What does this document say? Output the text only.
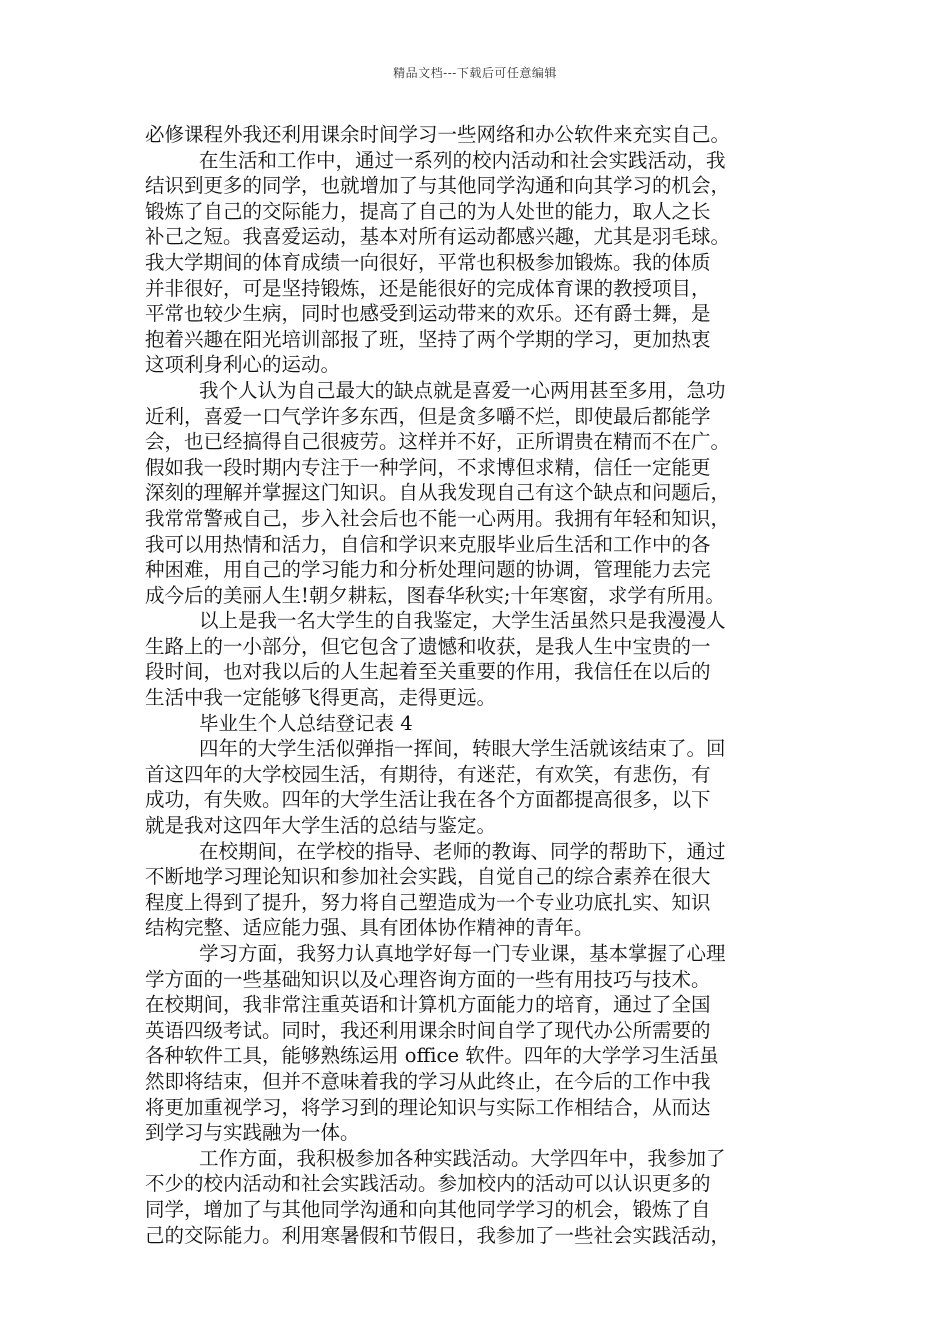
精品文档---下载后可任意编辑
必修课程外我还利用课余时间学习一些网络和办公软件来充实自己。
在生活和工作中，通过一系列的校内活动和社会实践活动，我
结识到更多的同学，也就增加了与其他同学沟通和向其学习的机会，
锻炼了自己的交际能力，提高了自己的为人处世的能力，取人之长
补己之短。我喜爱运动，基本对所有运动都感兴趣，尤其是羽毛球。
我大学期间的体育成绩一向很好，平常也积极参加锻炼。我的体质
并非很好，可是坚持锻炼，还是能很好的完成体育课的教授项目，
平常也较少生病，同时也感受到运动带来的欢乐。还有爵士舞，是
抱着兴趣在阳光培训部报了班，坚持了两个学期的学习，更加热衷
这项利身利心的运动。
我个人认为自己最大的缺点就是喜爱一心两用甚至多用，急功
近利，喜爱一口气学许多东西，但是贪多嚼不烂，即使最后都能学
会，也已经搞得自己很疲劳。这样并不好，正所谓贵在精而不在广。
假如我一段时期内专注于一种学问，不求博但求精，信任一定能更
深刻的理解并掌握这门知识。自从我发现自己有这个缺点和问题后，
我常常警戒自己，步入社会后也不能一心两用。我拥有年轻和知识，
我可以用热情和活力，自信和学识来克服毕业后生活和工作中的各
种困难，用自己的学习能力和分析处理问题的协调，管理能力去完
成今后的美丽人生!朝夕耕耘，图春华秋实;十年寒窗，求学有所用。
以上是我一名大学生的自我鉴定，大学生活虽然只是我漫漫人
生路上的一小部分，但它包含了遗憾和收获，是我人生中宝贵的一
段时间，也对我以后的人生起着至关重要的作用，我信任在以后的
生活中我一定能够飞得更高，走得更远。
毕业生个人总结登记表 4
四年的大学生活似弹指一挥间，转眼大学生活就该结束了。回
首这四年的大学校园生活，有期待，有迷茫，有欢笑，有悲伤，有
成功，有失败。四年的大学生活让我在各个方面都提高很多，以下
就是我对这四年大学生活的总结与鉴定。
在校期间，在学校的指导、老师的教诲、同学的帮助下，通过
不断地学习理论知识和参加社会实践，自觉自己的综合素养在很大
程度上得到了提升，努力将自己塑造成为一个专业功底扎实、知识
结构完整、适应能力强、具有团体协作精神的青年。
学习方面，我努力认真地学好每一门专业课，基本掌握了心理
学方面的一些基础知识以及心理咨询方面的一些有用技巧与技术。
在校期间，我非常注重英语和计算机方面能力的培育，通过了全国
英语四级考试。同时，我还利用课余时间自学了现代办公所需要的
各种软件工具，能够熟练运用 office 软件。四年的大学学习生活虽
然即将结束，但并不意味着我的学习从此终止，在今后的工作中我
将更加重视学习，将学习到的理论知识与实际工作相结合，从而达
到学习与实践融为一体。
工作方面，我积极参加各种实践活动。大学四年中，我参加了
不少的校内活动和社会实践活动。参加校内的活动可以认识更多的
同学，增加了与其他同学沟通和向其他同学学习的机会，锻炼了自
己的交际能力。利用寒暑假和节假日，我参加了一些社会实践活动，
